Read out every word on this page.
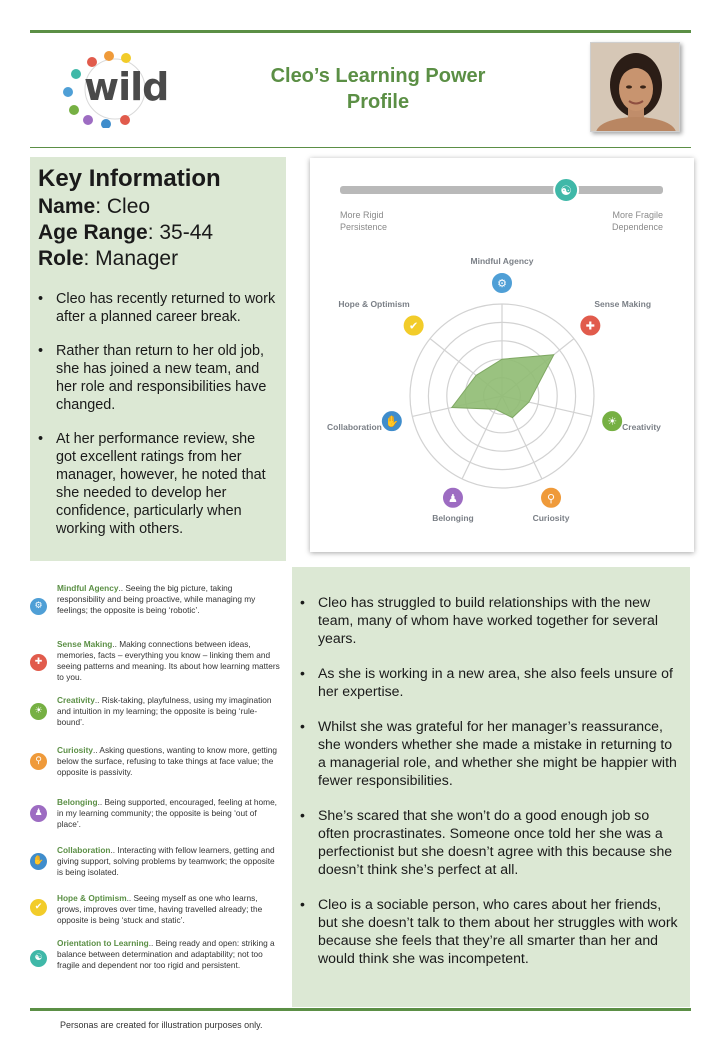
wild	Cleo’s Learning Power
Profile
Key Information
Name: Cleo
Age Range: 35-44
Role: Manager
• Cleo has recently returned to work after a planned career break.
• Rather than return to her old job, she has joined a new team, and her role and responsibilities have changed.
• At her performance review, she got excellent ratings from her manager, however, he noted that she needed to develop her confidence, particularly when working with others.
☯
⚙
✚
☀
⚲
♟
✋
✔
More Rigid
Persistence
More Fragile
Dependence
Mindful Agency
Sense Making
Creativity
Curiosity
Belonging
Collaboration
Hope & Optimism
⚙
Mindful Agency.. Seeing the big picture, taking responsibility and being proactive, while managing my feelings; the opposite is being ‘robotic’.
✚
Sense Making.. Making connections between ideas, memories, facts – everything you know – linking them and seeing patterns and meaning. Its about how learning matters to you.
☀
Creativity.. Risk-taking, playfulness, using my imagination and intuition in my learning; the opposite is being ‘rule-bound’.
⚲
Curiosity.. Asking questions, wanting to know more, getting below the surface, refusing to take things at face value; the opposite is passivity.
♟
Belonging.. Being supported, encouraged, feeling at home, in my learning community; the opposite is being ‘out of place’.
✋
Collaboration.. Interacting with fellow learners, getting and giving support, solving problems by teamwork; the opposite is being isolated.
✔
Hope & Optimism.. Seeing myself as one who learns, grows, improves over time, having travelled already; the opposite is being ‘stuck and static’.
☯
Orientation to Learning.. Being ready and open: striking a balance between determination and adaptability; not too fragile and dependent nor too rigid and persistent.
• Cleo has struggled to build relationships with the new team, many of whom have worked together for several years.
• As she is working in a new area, she also feels unsure of her expertise.
• Whilst she was grateful for her manager’s reassurance, she wonders whether she made a mistake in returning to a managerial role, and whether she might be happier with fewer responsibilities.
• She’s scared that she won’t do a good enough job so often procrastinates. Someone once told her she was a perfectionist but she doesn’t agree with this because she doesn’t think she’s perfect at all.
• Cleo is a sociable person, who cares about her friends, but she doesn’t talk to them about her struggles with work because she feels that they’re all smarter than her and would think she was incompetent.
Personas are created for illustration purposes only.
